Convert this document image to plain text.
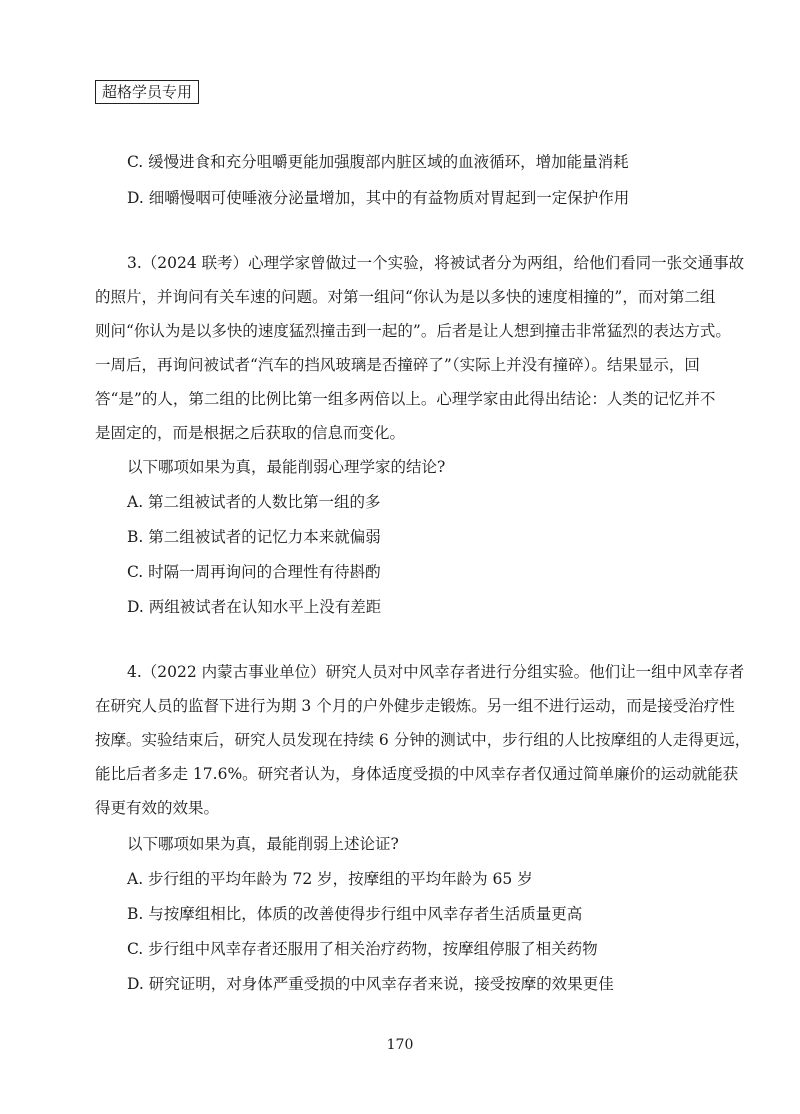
超格学员专用
C. 缓慢进食和充分咀嚼更能加强腹部内脏区域的血液循环，增加能量消耗
D. 细嚼慢咽可使唾液分泌量增加，其中的有益物质对胃起到一定保护作用
3.（2024 联考）心理学家曾做过一个实验，将被试者分为两组，给他们看同一张交通事故
的照片，并询问有关车速的问题。对第一组问“你认为是以多快的速度相撞的”，而对第二组
则问“你认为是以多快的速度猛烈撞击到一起的”。后者是让人想到撞击非常猛烈的表达方式。
一周后，再询问被试者“汽车的挡风玻璃是否撞碎了”（实际上并没有撞碎）。结果显示，回
答“是”的人，第二组的比例比第一组多两倍以上。心理学家由此得出结论：人类的记忆并不
是固定的，而是根据之后获取的信息而变化。
以下哪项如果为真，最能削弱心理学家的结论?
A. 第二组被试者的人数比第一组的多
B. 第二组被试者的记忆力本来就偏弱
C. 时隔一周再询问的合理性有待斟酌
D. 两组被试者在认知水平上没有差距
4.（2022 内蒙古事业单位）研究人员对中风幸存者进行分组实验。他们让一组中风幸存者
在研究人员的监督下进行为期 3 个月的户外健步走锻炼。另一组不进行运动，而是接受治疗性
按摩。实验结束后，研究人员发现在持续 6 分钟的测试中，步行组的人比按摩组的人走得更远，
能比后者多走 17.6%。研究者认为，身体适度受损的中风幸存者仅通过简单廉价的运动就能获
得更有效的效果。
以下哪项如果为真，最能削弱上述论证?
A. 步行组的平均年龄为 72 岁，按摩组的平均年龄为 65 岁
B. 与按摩组相比，体质的改善使得步行组中风幸存者生活质量更高
C. 步行组中风幸存者还服用了相关治疗药物，按摩组停服了相关药物
D. 研究证明，对身体严重受损的中风幸存者来说，接受按摩的效果更佳
170
